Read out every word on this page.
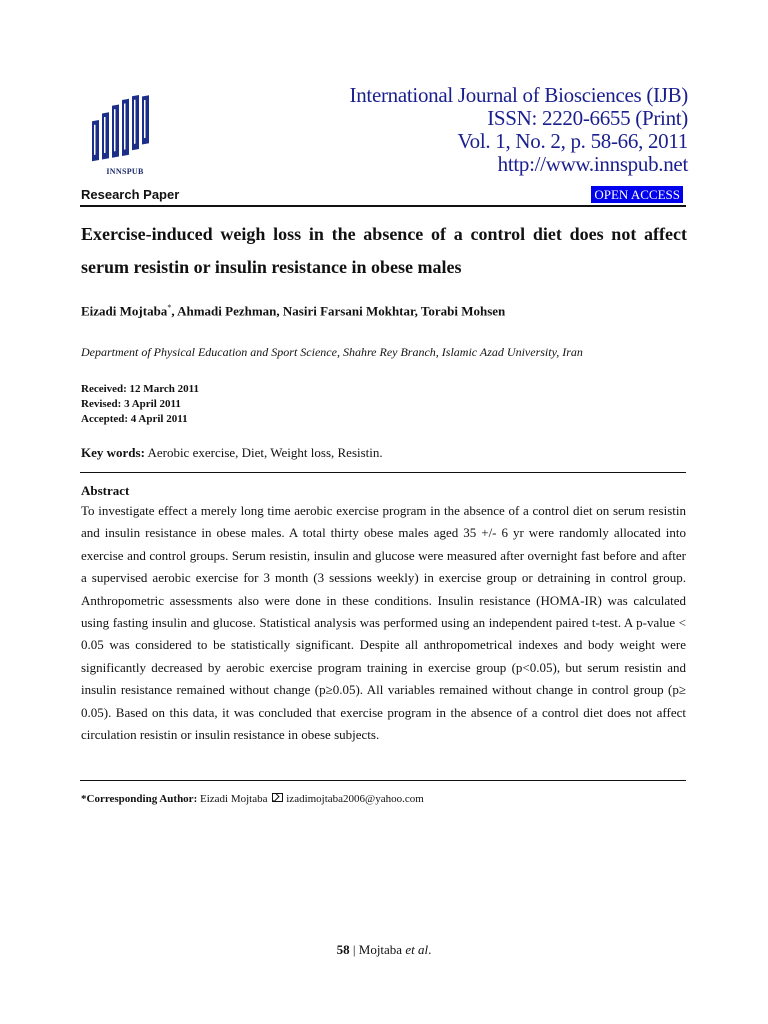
INNSPUB
International Journal of Biosciences (IJB)
ISSN: 2220-6655 (Print)
Vol. 1, No. 2, p. 58-66, 2011
http://www.innspub.net
Research Paper	OPEN ACCESS
Exercise-induced weigh loss in the absence of a control diet does not affect serum resistin or insulin resistance in obese males
Eizadi Mojtaba*, Ahmadi Pezhman, Nasiri Farsani Mokhtar, Torabi Mohsen
Department of Physical Education and Sport Science, Shahre Rey Branch, Islamic Azad University, Iran
Received: 12 March 2011
Revised: 3 April 2011
Accepted: 4 April 2011
Key words: Aerobic exercise, Diet, Weight loss, Resistin.
Abstract
To investigate effect a merely long time aerobic exercise program in the absence of a control diet on serum resistin and insulin resistance in obese males. A total thirty obese males aged 35 +/- 6 yr were randomly allocated into exercise and control groups. Serum resistin, insulin and glucose were measured after overnight fast before and after a supervised aerobic exercise for 3 month (3 sessions weekly) in exercise group or detraining in control group. Anthropometric assessments also were done in these conditions. Insulin resistance (HOMA-IR) was calculated using fasting insulin and glucose. Statistical analysis was performed using an independent paired t-test. A p-value < 0.05 was considered to be statistically significant. Despite all anthropometrical indexes and body weight were significantly decreased by aerobic exercise program training in exercise group (p<0.05), but serum resistin and insulin resistance remained without change (p≥0.05). All variables remained without change in control group (p≥ 0.05). Based on this data, it was concluded that exercise program in the absence of a control diet does not affect circulation resistin or insulin resistance in obese subjects.
*Corresponding Author: Eizadi Mojtaba izadimojtaba2006@yahoo.com
58 | Mojtaba et al.
